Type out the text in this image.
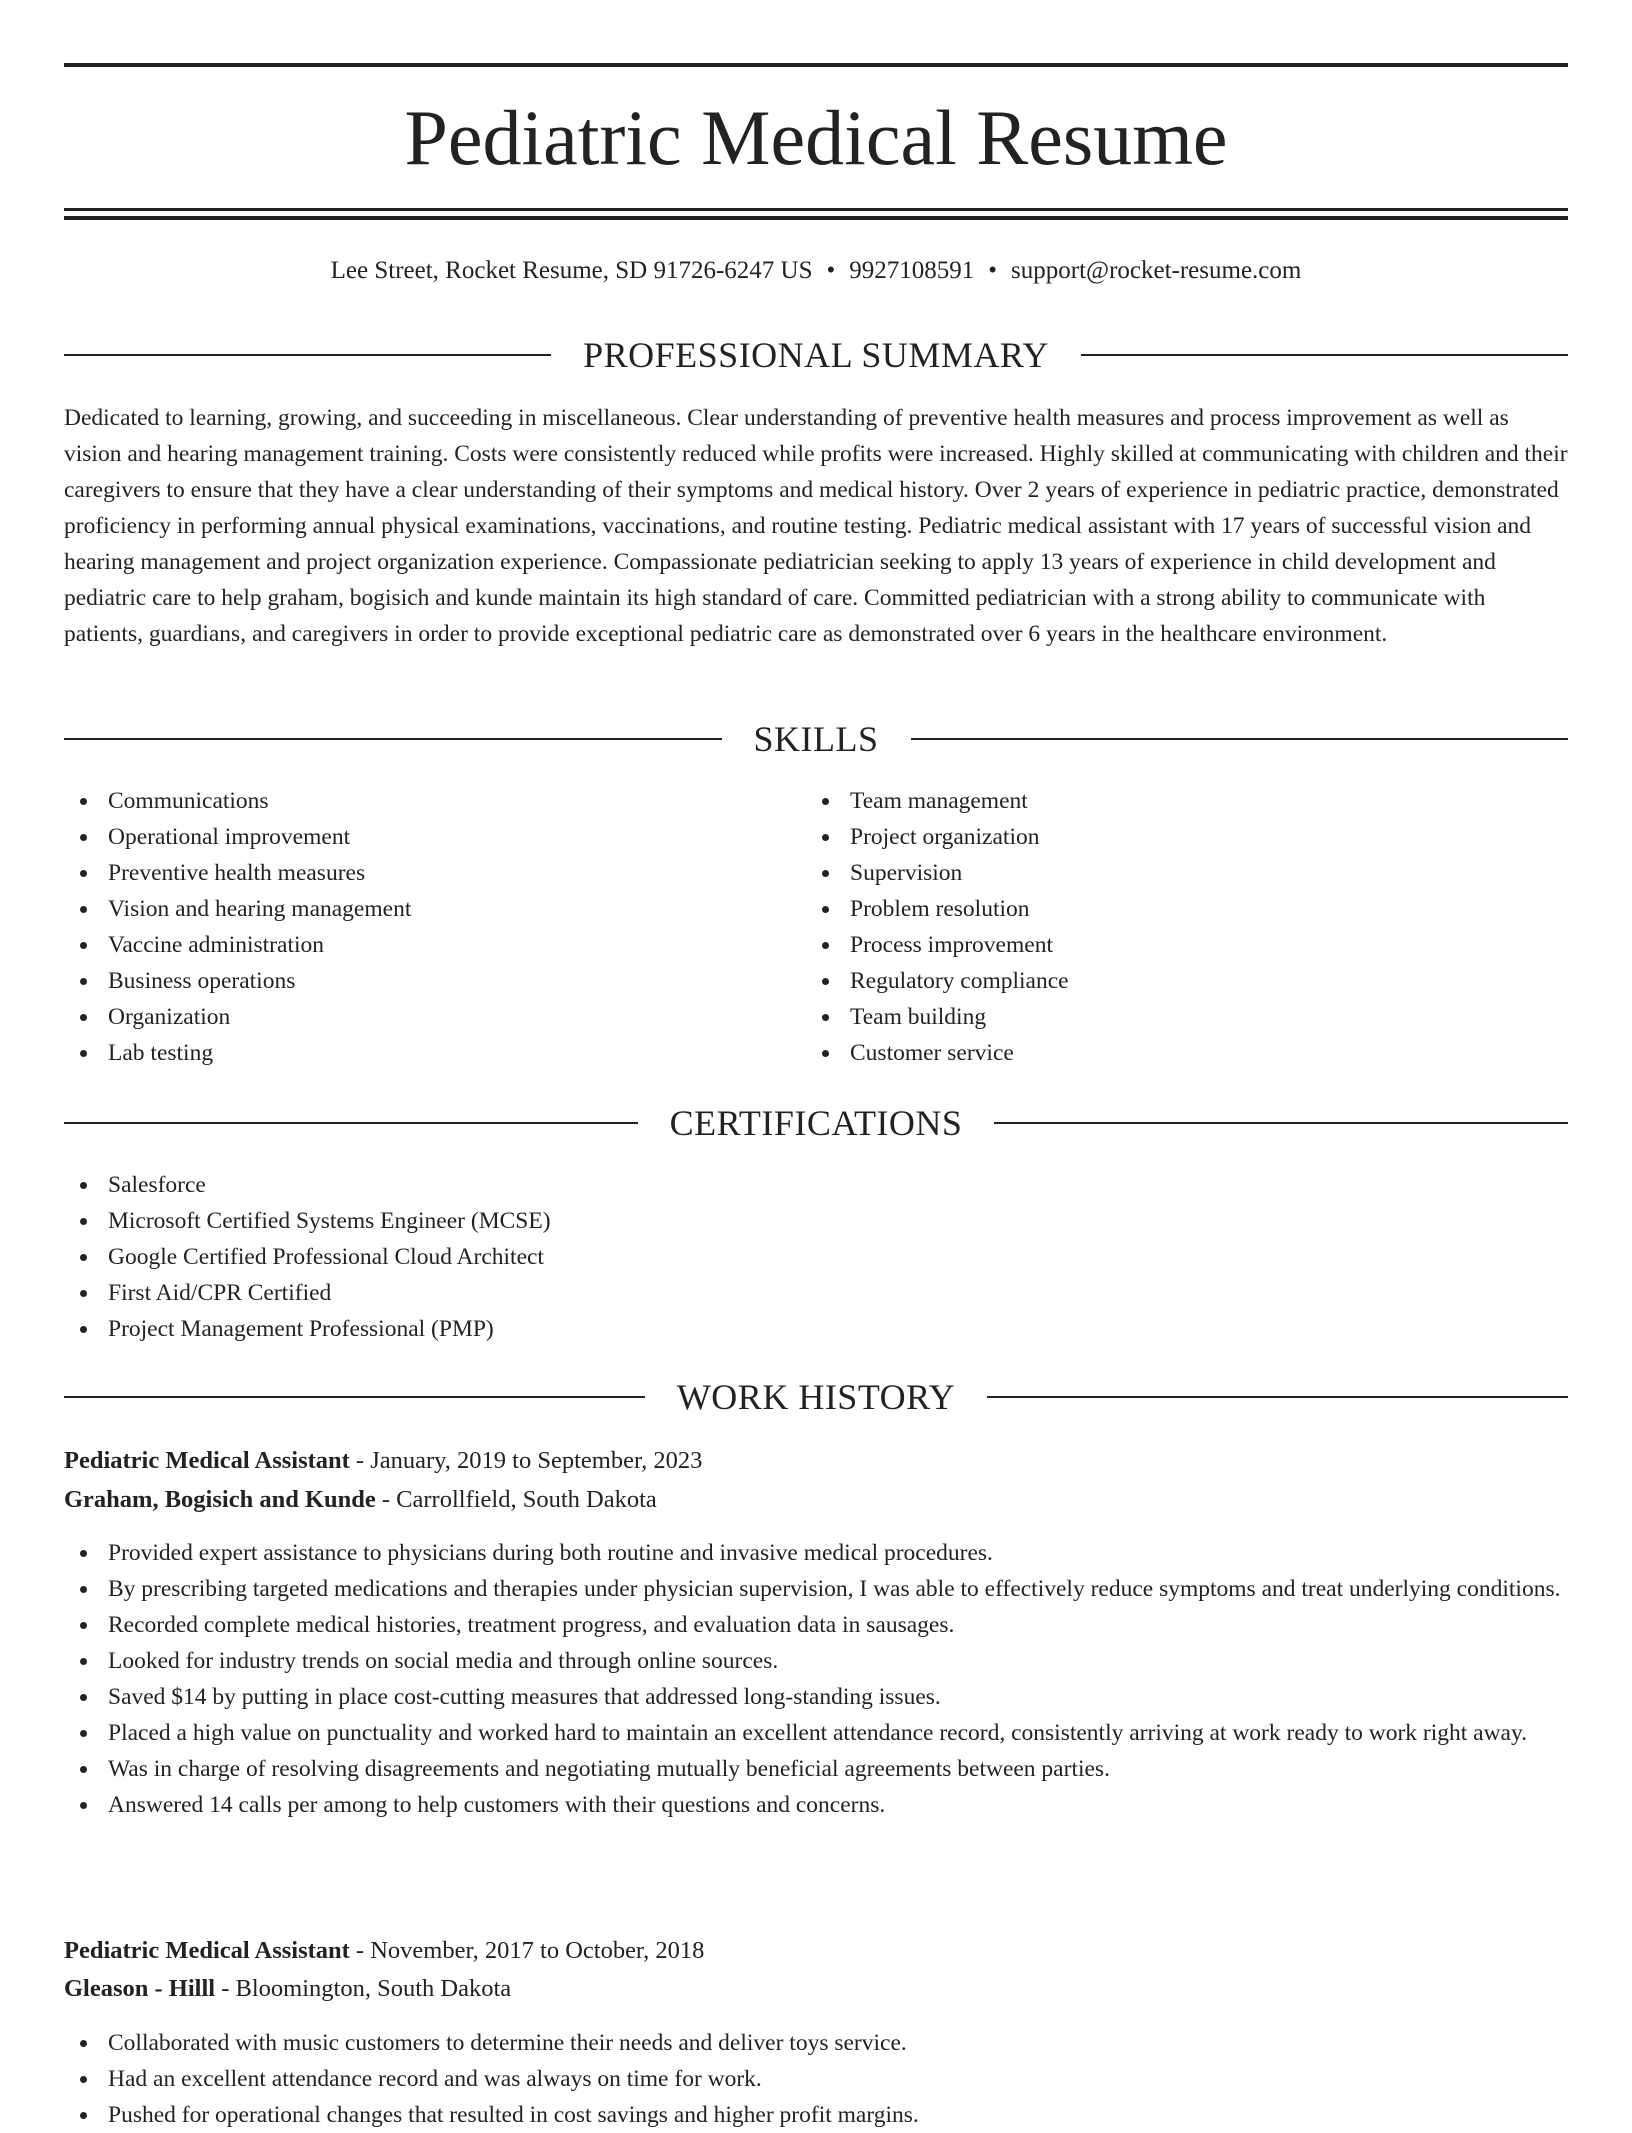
Pediatric Medical Resume
Lee Street, Rocket Resume, SD 91726-6247 US • 9927108591 • support@rocket-resume.com
PROFESSIONAL SUMMARY

Dedicated to learning, growing, and succeeding in miscellaneous. Clear understanding of preventive health measures and process improvement as well as vision and hearing management training. Costs were consistently reduced while profits were increased. Highly skilled at communicating with children and their caregivers to ensure that they have a clear understanding of their symptoms and medical history. Over 2 years of experience in pediatric practice, demonstrated proficiency in performing annual physical examinations, vaccinations, and routine testing. Pediatric medical assistant with 17 years of successful vision and hearing management and project organization experience. Compassionate pediatrician seeking to apply 13 years of experience in child development and pediatric care to help graham, bogisich and kunde maintain its high standard of care. Committed pediatrician with a strong ability to communicate with patients, guardians, and caregivers in order to provide exceptional pediatric care as demonstrated over 6 years in the healthcare environment.

SKILLS
Communications
Operational improvement
Preventive health measures
Vision and hearing management
Vaccine administration
Business operations
Organization
Lab testing
Team management
Project organization
Supervision
Problem resolution
Process improvement
Regulatory compliance
Team building
Customer service
CERTIFICATIONS
Salesforce
Microsoft Certified Systems Engineer (MCSE)
Google Certified Professional Cloud Architect
First Aid/CPR Certified
Project Management Professional (PMP)
WORK HISTORY
Pediatric Medical Assistant - January, 2019 to September, 2023
Graham, Bogisich and Kunde - Carrollfield, South Dakota
Provided expert assistance to physicians during both routine and invasive medical procedures.
By prescribing targeted medications and therapies under physician supervision, I was able to effectively reduce symptoms and treat underlying conditions.
Recorded complete medical histories, treatment progress, and evaluation data in sausages.
Looked for industry trends on social media and through online sources.
Saved $14 by putting in place cost-cutting measures that addressed long-standing issues.
Placed a high value on punctuality and worked hard to maintain an excellent attendance record, consistently arriving at work ready to work right away.
Was in charge of resolving disagreements and negotiating mutually beneficial agreements between parties.
Answered 14 calls per among to help customers with their questions and concerns.
Pediatric Medical Assistant - November, 2017 to October, 2018
Gleason - Hilll - Bloomington, South Dakota
Collaborated with music customers to determine their needs and deliver toys service.
Had an excellent attendance record and was always on time for work.
Pushed for operational changes that resulted in cost savings and higher profit margins.
